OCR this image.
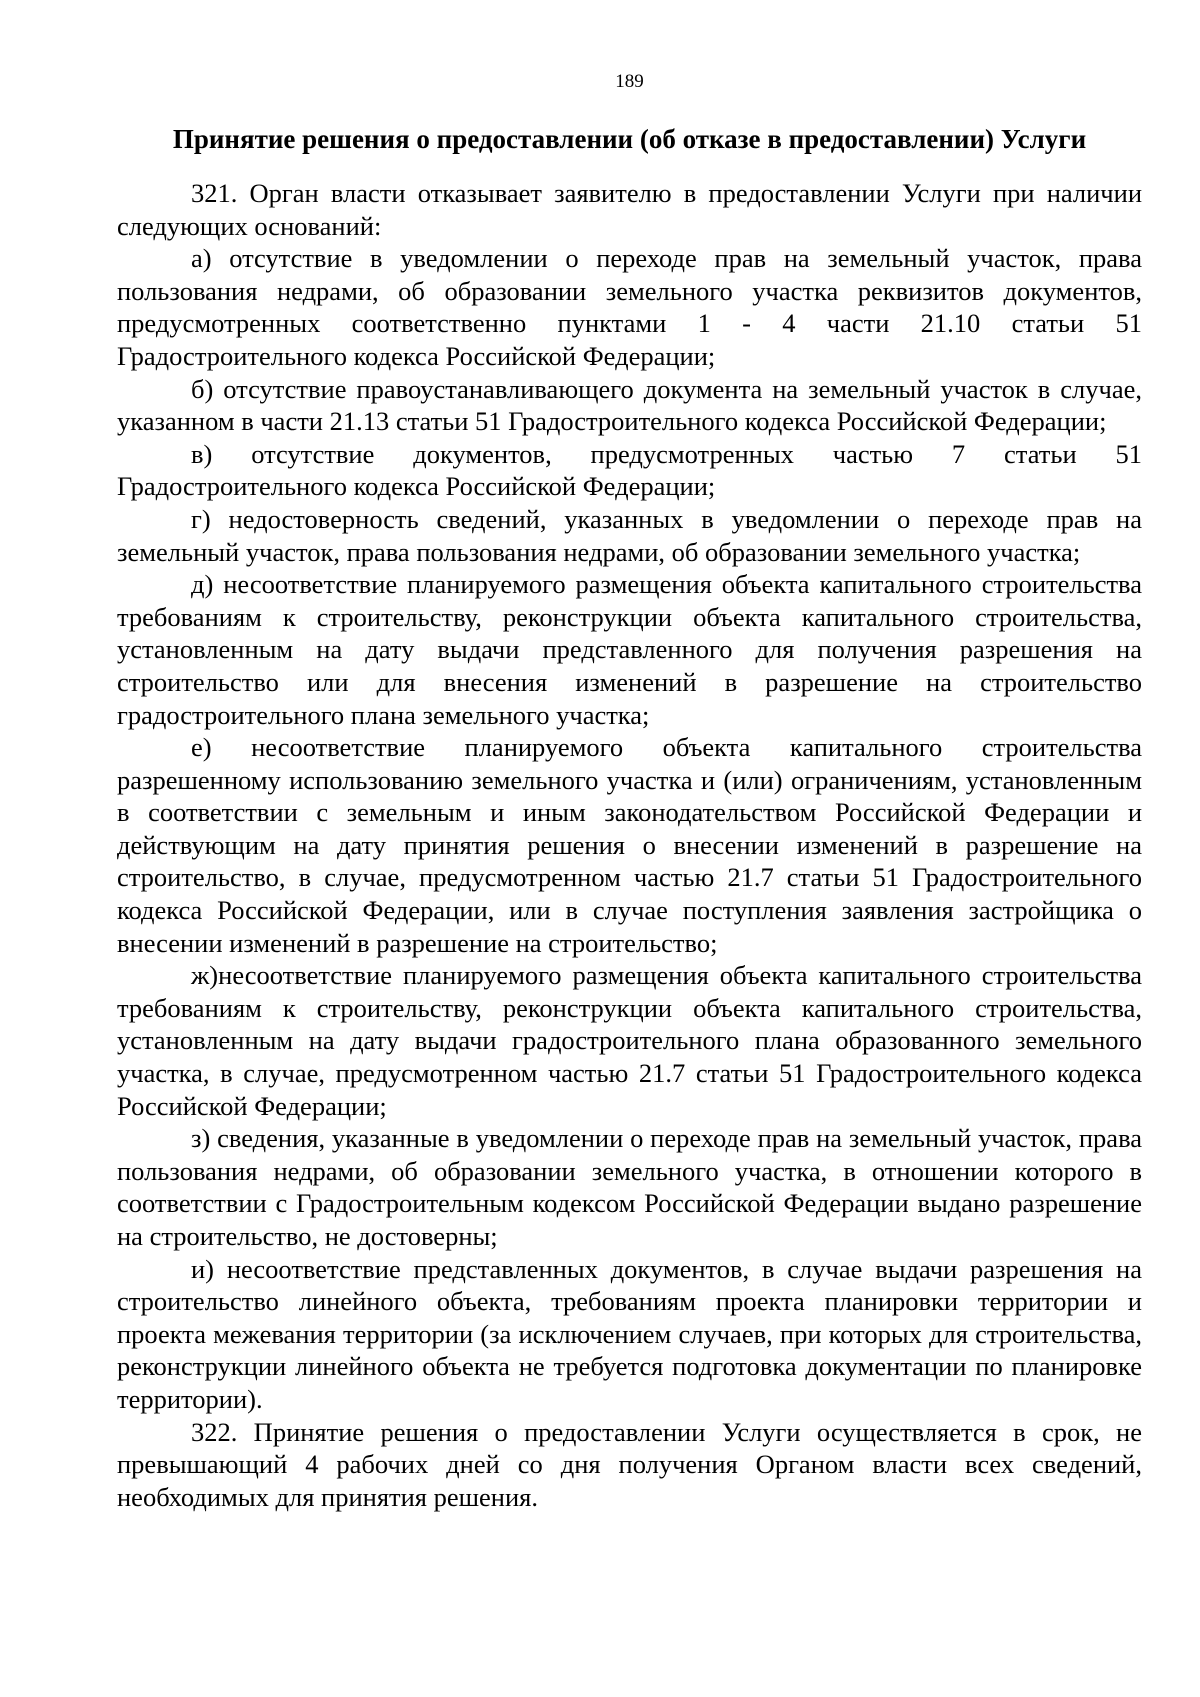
189
Принятие решения о предоставлении (об отказе в предоставлении) Услуги

321. Орган власти отказывает заявителю в предоставлении Услуги при наличии следующих оснований:

а) отсутствие в уведомлении о переходе прав на земельный участок, права пользования недрами, об образовании земельного участка реквизитов документов, предусмотренных соответственно пунктами 1 - 4 части 21.10 статьи 51 Градостроительного кодекса Российской Федерации;

б) отсутствие правоустанавливающего документа на земельный участок в случае, указанном в части 21.13 статьи 51 Градостроительного кодекса Российской Федерации;

в) отсутствие документов, предусмотренных частью 7 статьи 51 Градостроительного кодекса Российской Федерации;

г) недостоверность сведений, указанных в уведомлении о переходе прав на земельный участок, права пользования недрами, об образовании земельного участка;

д) несоответствие планируемого размещения объекта капитального строительства требованиям к строительству, реконструкции объекта капитального строительства, установленным на дату выдачи представленного для получения разрешения на строительство или для внесения изменений в разрешение на строительство градостроительного плана земельного участка;

е) несоответствие планируемого объекта капитального строительства разрешенному использованию земельного участка и (или) ограничениям, установленным в соответствии с земельным и иным законодательством Российской Федерации и действующим на дату принятия решения о внесении изменений в разрешение на строительство, в случае, предусмотренном частью 21.7 статьи 51 Градостроительного кодекса Российской Федерации, или в случае поступления заявления застройщика о внесении изменений в разрешение на строительство;

ж)несоответствие планируемого размещения объекта капитального строительства требованиям к строительству, реконструкции объекта капитального строительства, установленным на дату выдачи градостроительного плана образованного земельного участка, в случае, предусмотренном частью 21.7 статьи 51 Градостроительного кодекса Российской Федерации;

з) сведения, указанные в уведомлении о переходе прав на земельный участок, права пользования недрами, об образовании земельного участка, в отношении которого в соответствии с Градостроительным кодексом Российской Федерации выдано разрешение на строительство, не достоверны;

и) несоответствие представленных документов, в случае выдачи разрешения на строительство линейного объекта, требованиям проекта планировки территории и проекта межевания территории (за исключением случаев, при которых для строительства, реконструкции линейного объекта не требуется подготовка документации по планировке территории).

322. Принятие решения о предоставлении Услуги осуществляется в срок, не превышающий 4 рабочих дней со дня получения Органом власти всех сведений, необходимых для принятия решения.
